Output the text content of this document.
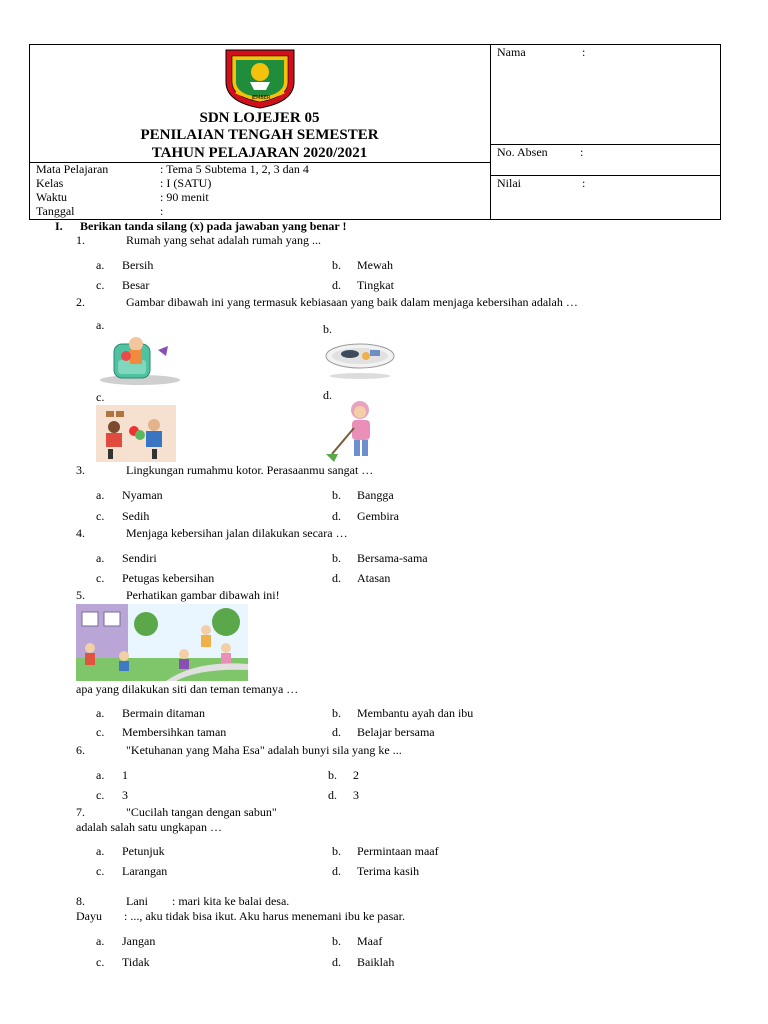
JEMBER
SDN LOJEJER 05
PENILAIAN TENGAH SEMESTER
TAHUN PELAJARAN 2020/2021
Mata Pelajaran	: Tema 5 Subtema 1, 2, 3 dan 4
Kelas	: I (SATU)
Waktu	: 90 menit
Tanggal	:
Nama	:
No. Absen	:
Nilai	:
I. Berikan tanda silang (x) pada jawaban yang benar !
1.	Rumah yang sehat adalah rumah yang ...
a. Bersih	b. Mewah
c. Besar	d. Tingkat
2.	Gambar dibawah ini yang termasuk kebiasaan yang baik dalam menjaga kebersihan adalah …
a.	b.
c.	d.
3.	Lingkungan rumahmu kotor. Perasaanmu sangat …
a. Nyaman	b. Bangga
c. Sedih	d. Gembira
4.	Menjaga kebersihan jalan dilakukan secara …
a. Sendiri	b. Bersama-sama
c. Petugas kebersihan	d. Atasan
5.	Perhatikan gambar dibawah ini!
apa yang dilakukan siti dan teman temanya …
a. Bermain ditaman	b. Membantu ayah dan ibu
c. Membersihkan taman	d. Belajar bersama
6.	"Ketuhanan yang Maha Esa" adalah bunyi sila yang ke ...
a. 1	b. 2
c. 3	d. 3
7.	"Cucilah tangan dengan sabun"
adalah salah satu ungkapan …
a. Petunjuk	b. Permintaan maaf
c. Larangan	d. Terima kasih
8.	Lani : mari kita ke balai desa.
Dayu : ..., aku tidak bisa ikut. Aku harus menemani ibu ke pasar.
a. Jangan	b. Maaf
c. Tidak	d. Baiklah
